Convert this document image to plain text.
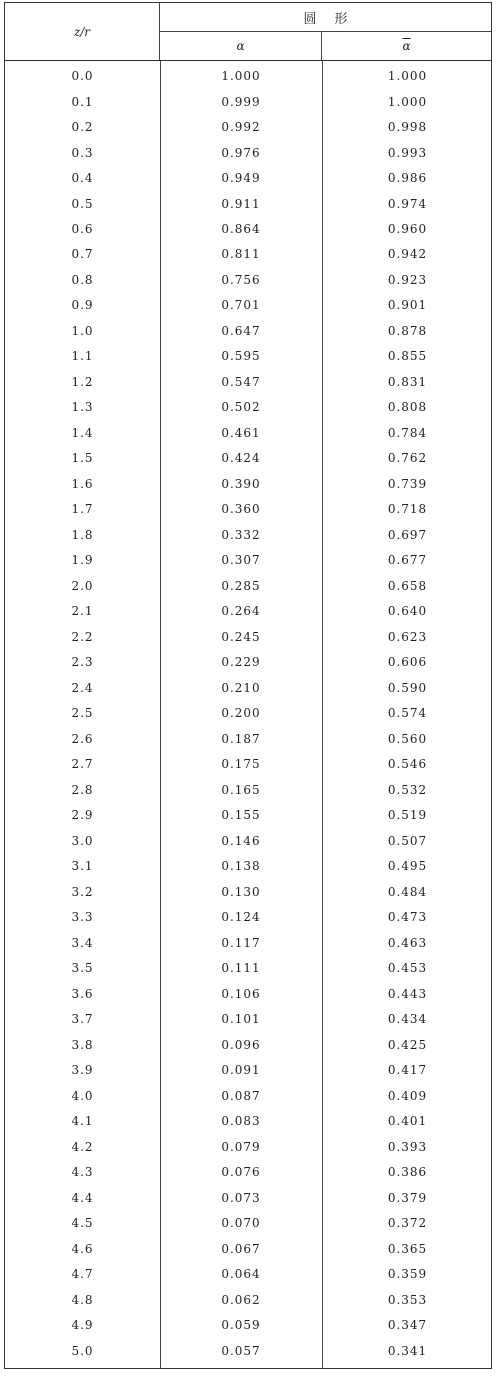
z/r
圆形
α	$\overline{\alpha}$
0.0	1.000	1.000
0.1	0.999	1.000
0.2	0.992	0.998
0.3	0.976	0.993
0.4	0.949	0.986
0.5	0.911	0.974
0.6	0.864	0.960
0.7	0.811	0.942
0.8	0.756	0.923
0.9	0.701	0.901
1.0	0.647	0.878
1.1	0.595	0.855
1.2	0.547	0.831
1.3	0.502	0.808
1.4	0.461	0.784
1.5	0.424	0.762
1.6	0.390	0.739
1.7	0.360	0.718
1.8	0.332	0.697
1.9	0.307	0.677
2.0	0.285	0.658
2.1	0.264	0.640
2.2	0.245	0.623
2.3	0.229	0.606
2.4	0.210	0.590
2.5	0.200	0.574
2.6	0.187	0.560
2.7	0.175	0.546
2.8	0.165	0.532
2.9	0.155	0.519
3.0	0.146	0.507
3.1	0.138	0.495
3.2	0.130	0.484
3.3	0.124	0.473
3.4	0.117	0.463
3.5	0.111	0.453
3.6	0.106	0.443
3.7	0.101	0.434
3.8	0.096	0.425
3.9	0.091	0.417
4.0	0.087	0.409
4.1	0.083	0.401
4.2	0.079	0.393
4.3	0.076	0.386
4.4	0.073	0.379
4.5	0.070	0.372
4.6	0.067	0.365
4.7	0.064	0.359
4.8	0.062	0.353
4.9	0.059	0.347
5.0	0.057	0.341
